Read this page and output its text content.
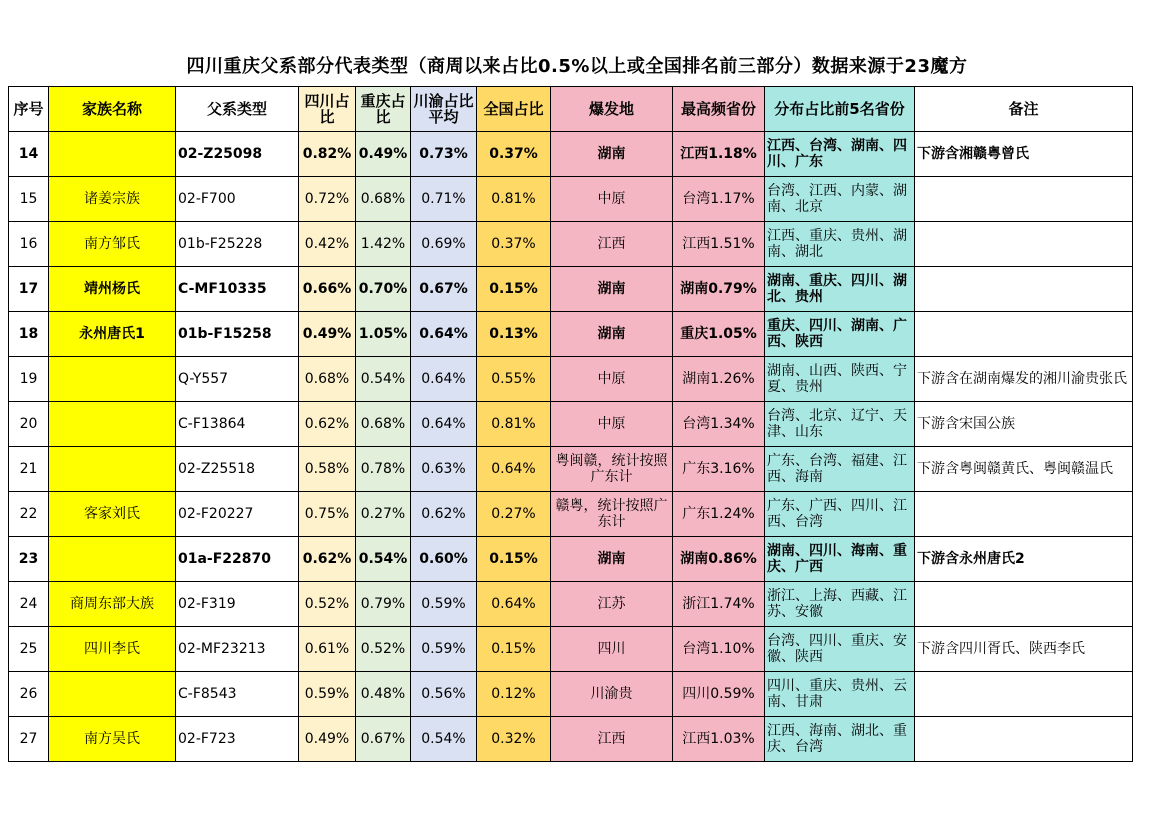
四川重庆父系部分代表类型（商周以来占比0.5%以上或全国排名前三部分）数据来源于23魔方
序号	家族名称	父系类型	四川占比	重庆占比	川渝占比平均	全国占比	爆发地	最高频省份	分布占比前5名省份	备注
14		02-Z25098	0.82%	0.49%	0.73%	0.37%	湖南	江西1.18%	江西、台湾、湖南、四川、广东	下游含湘赣粤曾氏
15	诸姜宗族	02-F700	0.72%	0.68%	0.71%	0.81%	中原	台湾1.17%	台湾、江西、内蒙、湖南、北京	
16	南方邹氏	01b-F25228	0.42%	1.42%	0.69%	0.37%	江西	江西1.51%	江西、重庆、贵州、湖南、湖北	
17	靖州杨氏	C-MF10335	0.66%	0.70%	0.67%	0.15%	湖南	湖南0.79%	湖南、重庆、四川、湖北、贵州	
18	永州唐氏1	01b-F15258	0.49%	1.05%	0.64%	0.13%	湖南	重庆1.05%	重庆、四川、湖南、广西、陕西	
19		Q-Y557	0.68%	0.54%	0.64%	0.55%	中原	湖南1.26%	湖南、山西、陕西、宁夏、贵州	下游含在湖南爆发的湘川渝贵张氏
20		C-F13864	0.62%	0.68%	0.64%	0.81%	中原	台湾1.34%	台湾、北京、辽宁、天津、山东	下游含宋国公族
21		02-Z25518	0.58%	0.78%	0.63%	0.64%	粤闽赣，统计按照广东计	广东3.16%	广东、台湾、福建、江西、海南	下游含粤闽赣黄氏、粤闽赣温氏
22	客家刘氏	02-F20227	0.75%	0.27%	0.62%	0.27%	赣粤，统计按照广东计	广东1.24%	广东、广西、四川、江西、台湾	
23		01a-F22870	0.62%	0.54%	0.60%	0.15%	湖南	湖南0.86%	湖南、四川、海南、重庆、广西	下游含永州唐氏2
24	商周东部大族	02-F319	0.52%	0.79%	0.59%	0.64%	江苏	浙江1.74%	浙江、上海、西藏、江苏、安徽	
25	四川李氏	02-MF23213	0.61%	0.52%	0.59%	0.15%	四川	台湾1.10%	台湾、四川、重庆、安徽、陕西	下游含四川胥氏、陕西李氏
26		C-F8543	0.59%	0.48%	0.56%	0.12%	川渝贵	四川0.59%	四川、重庆、贵州、云南、甘肃	
27	南方吴氏	02-F723	0.49%	0.67%	0.54%	0.32%	江西	江西1.03%	江西、海南、湖北、重庆、台湾	
